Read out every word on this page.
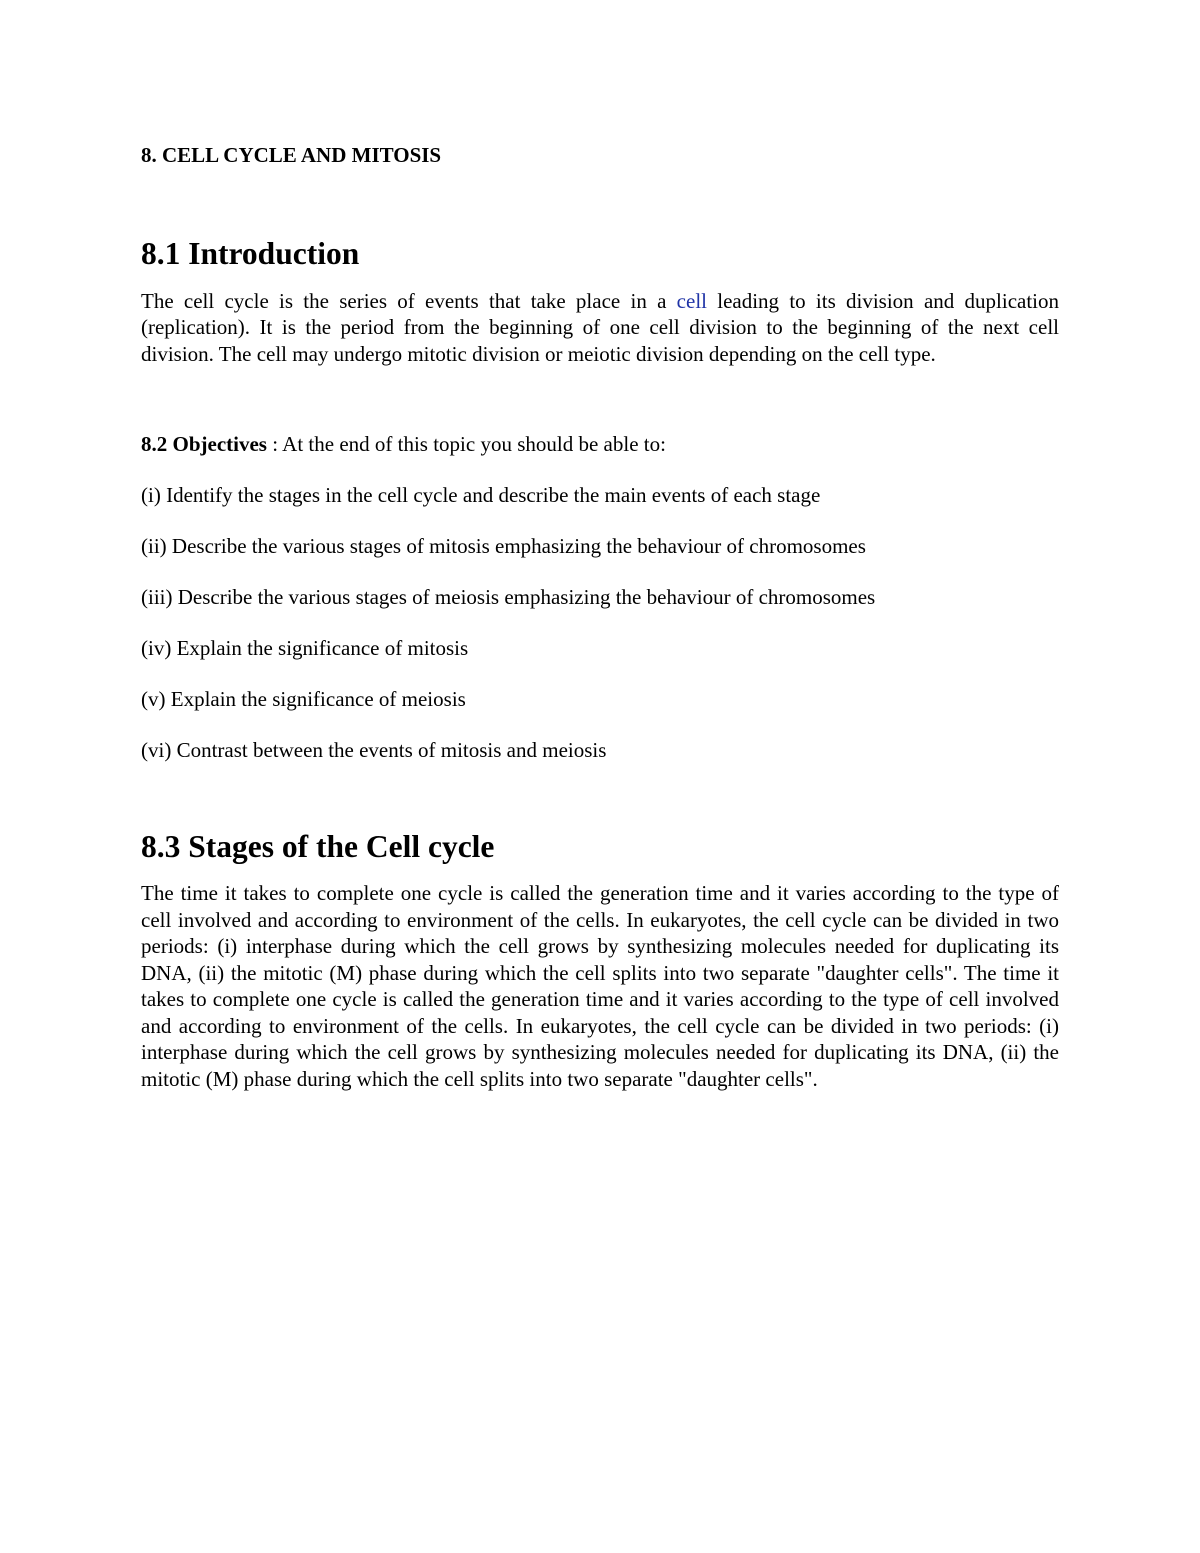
8. CELL CYCLE AND MITOSIS
8.1 Introduction

The cell cycle is the series of events that take place in a cell leading to its division and duplication (replication). It is the period from the beginning of one cell division to the beginning of the next cell division. The cell may undergo mitotic division or meiotic division depending on the cell type.

8.2 Objectives : At the end of this topic you should be able to:

(i) Identify the stages in the cell cycle and describe the main events of each stage

(ii) Describe the various stages of mitosis emphasizing the behaviour of chromosomes

(iii) Describe the various stages of meiosis emphasizing the behaviour of chromosomes

(iv) Explain the significance of mitosis

(v) Explain the significance of meiosis

(vi) Contrast between the events of mitosis and meiosis

8.3 Stages of the Cell cycle

The time it takes to complete one cycle is called the generation time and it varies according to the type of cell involved and according to environment of the cells. In eukaryotes, the cell cycle can be divided in two periods: (i) interphase during which the cell grows by synthesizing molecules needed for duplicating its DNA, (ii) the mitotic (M) phase during which the cell splits into two separate "daughter cells". The time it takes to complete one cycle is called the generation time and it varies according to the type of cell involved and according to environment of the cells. In eukaryotes, the cell cycle can be divided in two periods: (i) interphase during which the cell grows by synthesizing molecules needed for duplicating its DNA, (ii) the mitotic (M) phase during which the cell splits into two separate "daughter cells".
